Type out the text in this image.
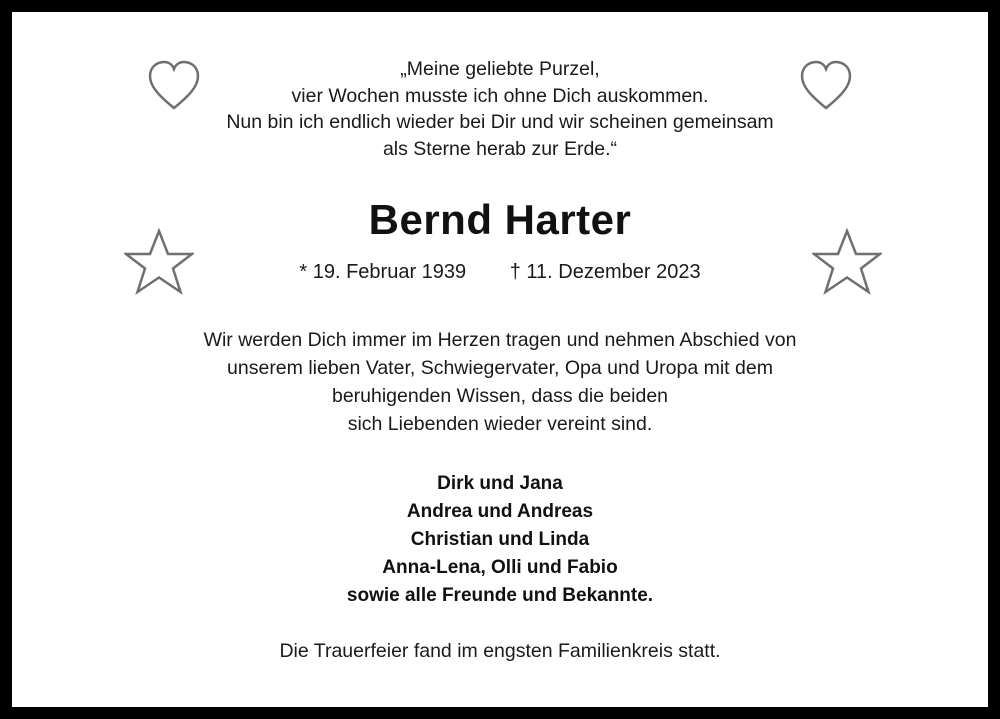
„Meine geliebte Purzel,
vier Wochen musste ich ohne Dich auskommen.
Nun bin ich endlich wieder bei Dir und wir scheinen gemeinsam
als Sterne herab zur Erde.“
Bernd Harter
* 19. Februar 1939 † 11. Dezember 2023
Wir werden Dich immer im Herzen tragen und nehmen Abschied von
unserem lieben Vater, Schwiegervater, Opa und Uropa mit dem
beruhigenden Wissen, dass die beiden
sich Liebenden wieder vereint sind.
Dirk und Jana
Andrea und Andreas
Christian und Linda
Anna-Lena, Olli und Fabio
sowie alle Freunde und Bekannte.
Die Trauerfeier fand im engsten Familienkreis statt.
